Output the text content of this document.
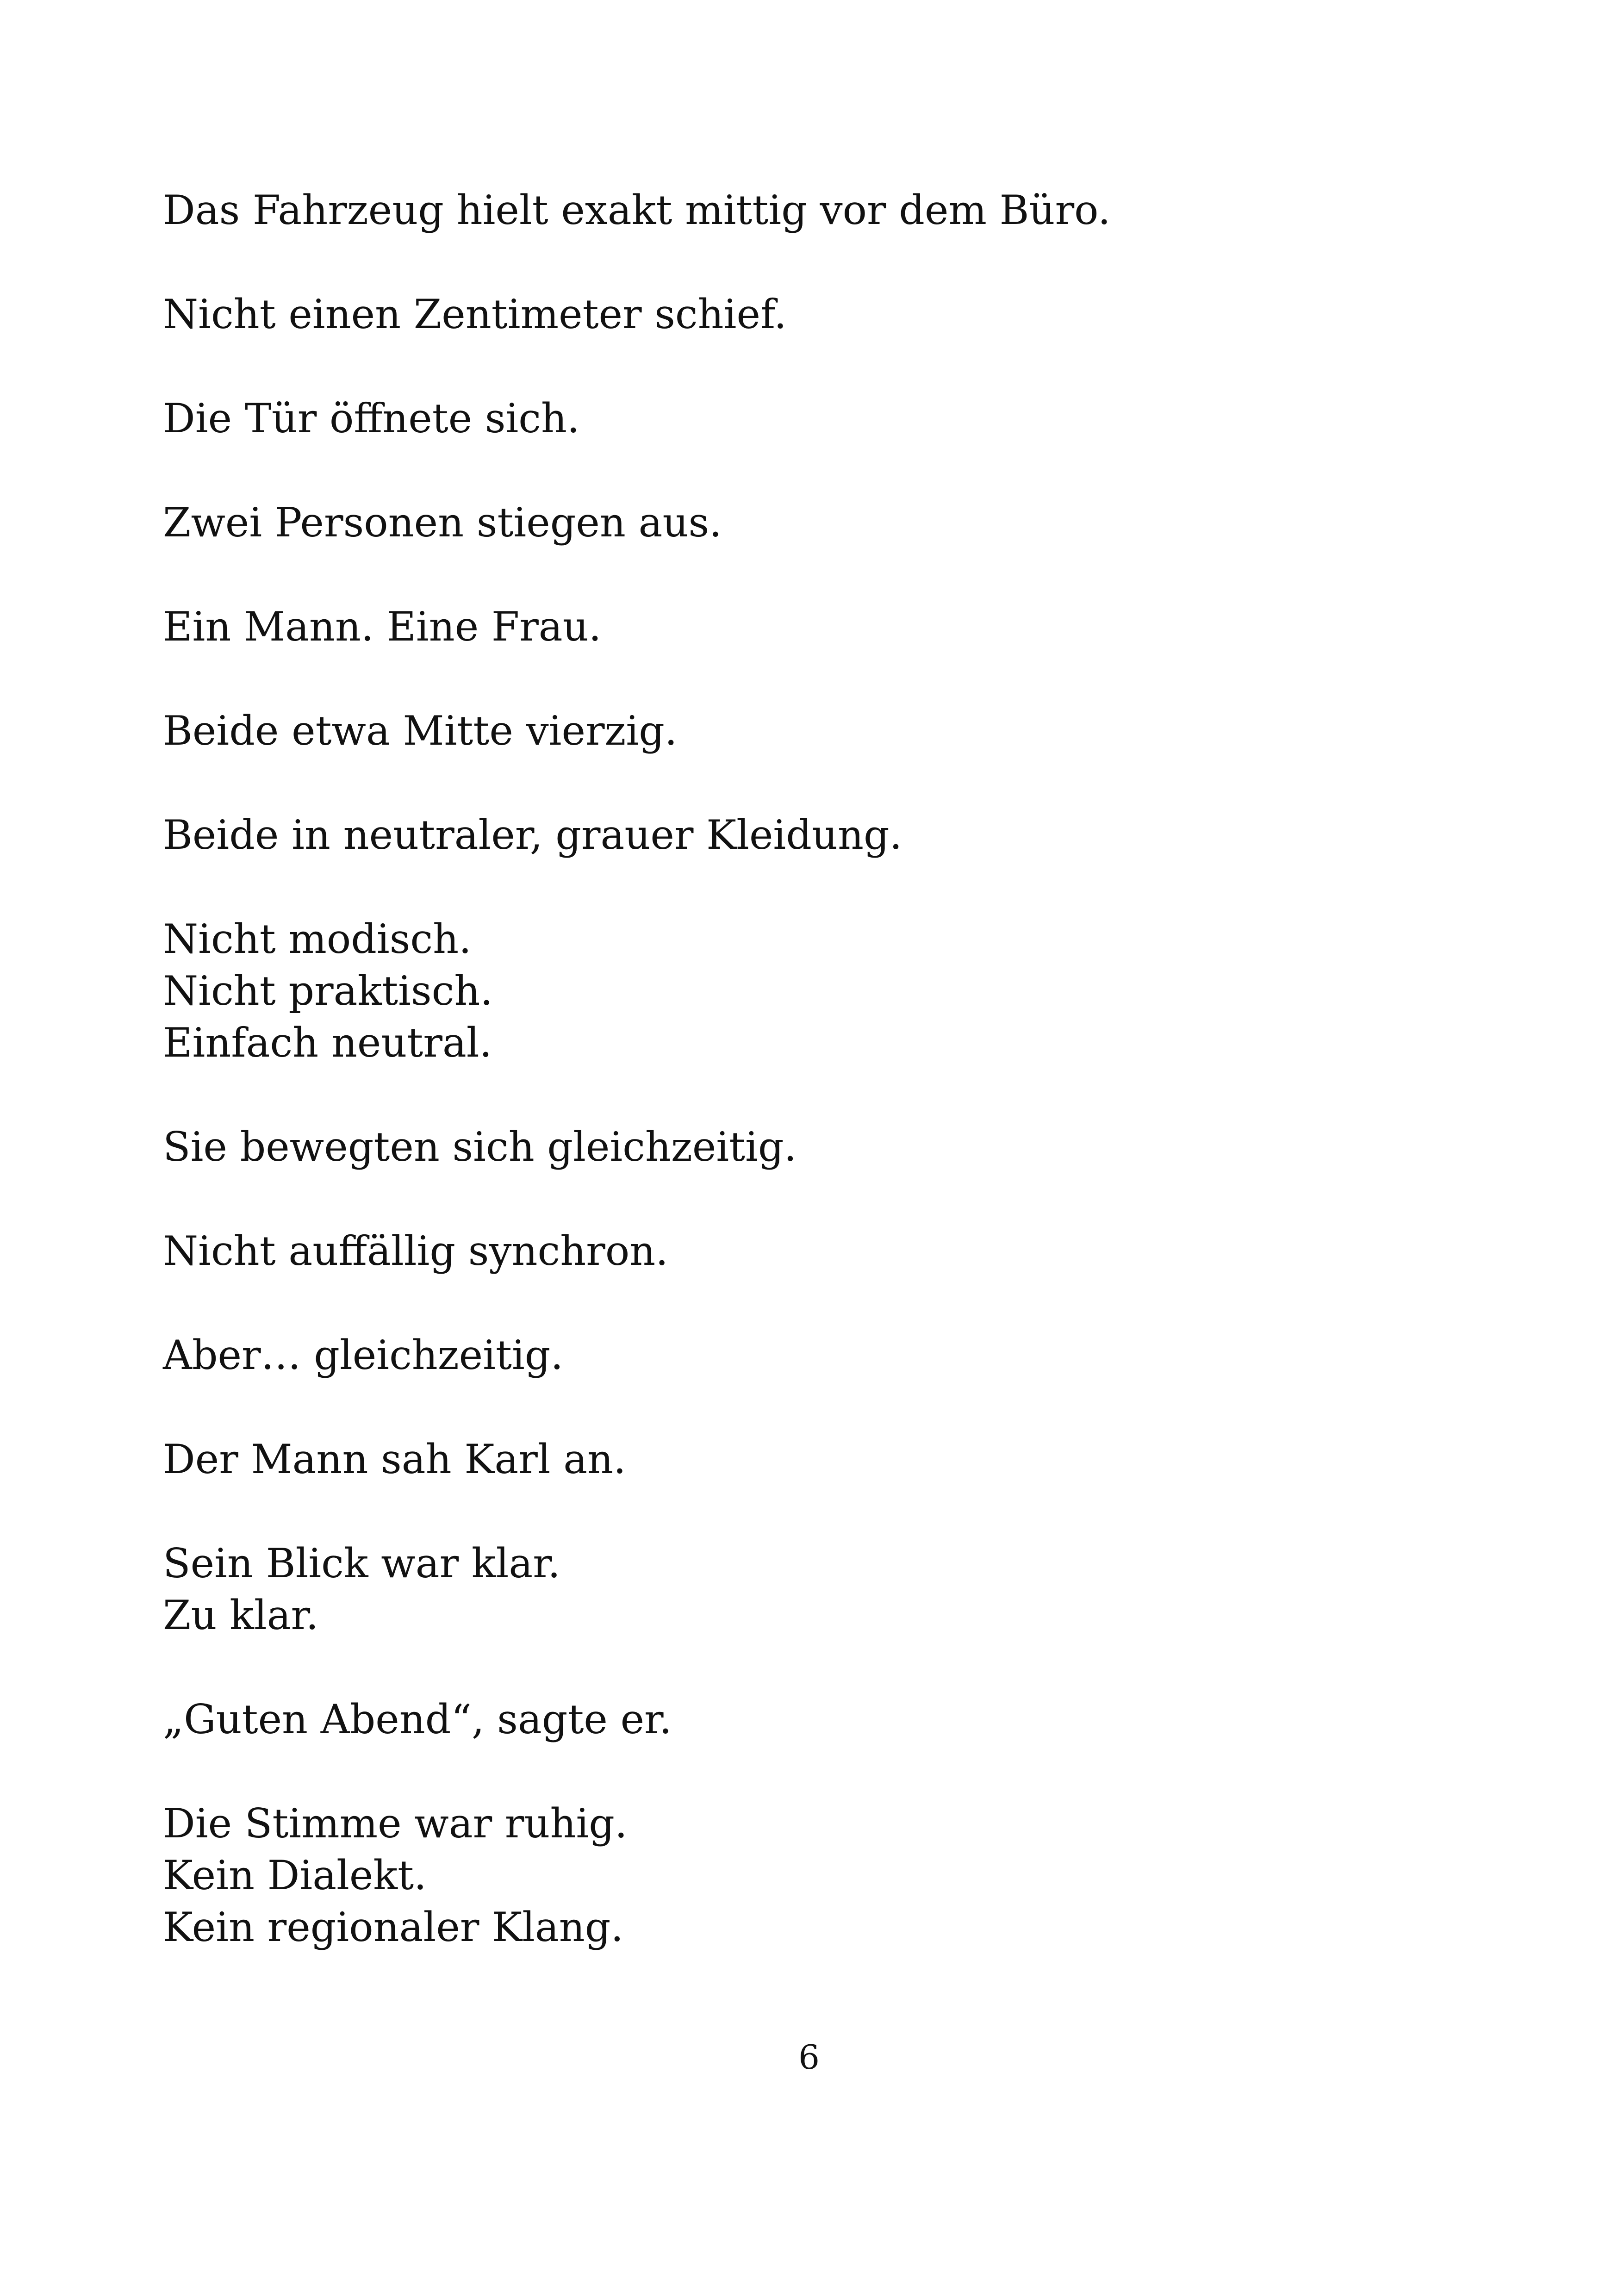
Das Fahrzeug hielt exakt mittig vor dem Büro.

Nicht einen Zentimeter schief.

Die Tür öffnete sich.

Zwei Personen stiegen aus.

Ein Mann. Eine Frau.

Beide etwa Mitte vierzig.

Beide in neutraler, grauer Kleidung.

Nicht modisch.
Nicht praktisch.
Einfach neutral.

Sie bewegten sich gleichzeitig.

Nicht auffällig synchron.

Aber… gleichzeitig.

Der Mann sah Karl an.

Sein Blick war klar.
Zu klar.

„Guten Abend“, sagte er.

Die Stimme war ruhig.
Kein Dialekt.
Kein regionaler Klang.

6
